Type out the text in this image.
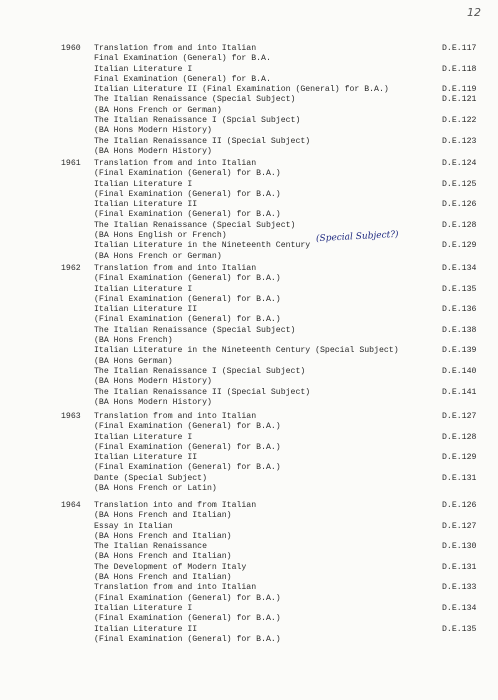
12
1960	Translation from and into Italian	D.E.117
Final Examination (General) for B.A.
Italian Literature I	D.E.118
Final Examination (General) for B.A.
Italian Literature II (Final Examination (General) for B.A.)	D.E.119
The Italian Renaissance (Special Subject)	D.E.121
(BA Hons French or German)
The Italian Renaissance I (Spcial Subject)	D.E.122
(BA Hons Modern History)
The Italian Renaissance II (Special Subject)	D.E.123
(BA Hons Modern History)
1961	Translation from and into Italian	D.E.124
(Final Examination (General) for B.A.)
Italian Literature I	D.E.125
(Final Examination (General) for B.A.)
Italian Literature II	D.E.126
(Final Examination (General) for B.A.)
The Italian Renaissance (Special Subject)	D.E.128
(BA Hons English or French)
Italian Literature in the Nineteenth Century	D.E.129
(BA Hons French or German)
1962	Translation from and into Italian	D.E.134
(Final Examination (General) for B.A.)
Italian Literature I	D.E.135
(Final Examination (General) for B.A.)
Italian Literature II	D.E.136
(Final Examination (General) for B.A.)
The Italian Renaissance (Special Subject)	D.E.138
(BA Hons French)
Italian Literature in the Nineteenth Century (Special Subject)	D.E.139
(BA Hons German)
The Italian Renaissance I (Special Subject)	D.E.140
(BA Hons Modern History)
The Italian Renaissance II (Special Subject)	D.E.141
(BA Hons Modern History)
1963	Translation from and into Italian	D.E.127
(Final Examination (General) for B.A.)
Italian Literature I	D.E.128
(Final Examination (General) for B.A.)
Italian Literature II	D.E.129
(Final Examination (General) for B.A.)
Dante (Special Subject)	D.E.131
(BA Hons French or Latin)
1964	Translation into and from Italian	D.E.126
(BA Hons French and Italian)
Essay in Italian	D.E.127
(BA Hons French and Italian)
The Italian Renaissance	D.E.130
(BA Hons French and Italian)
The Development of Modern Italy	D.E.131
(BA Hons French and Italian)
Translation from and into Italian	D.E.133
(Final Examination (General) for B.A.)
Italian Literature I	D.E.134
(Final Examination (General) for B.A.)
Italian Literature II	D.E.135
(Final Examination (General) for B.A.)
(Special Subject?)
